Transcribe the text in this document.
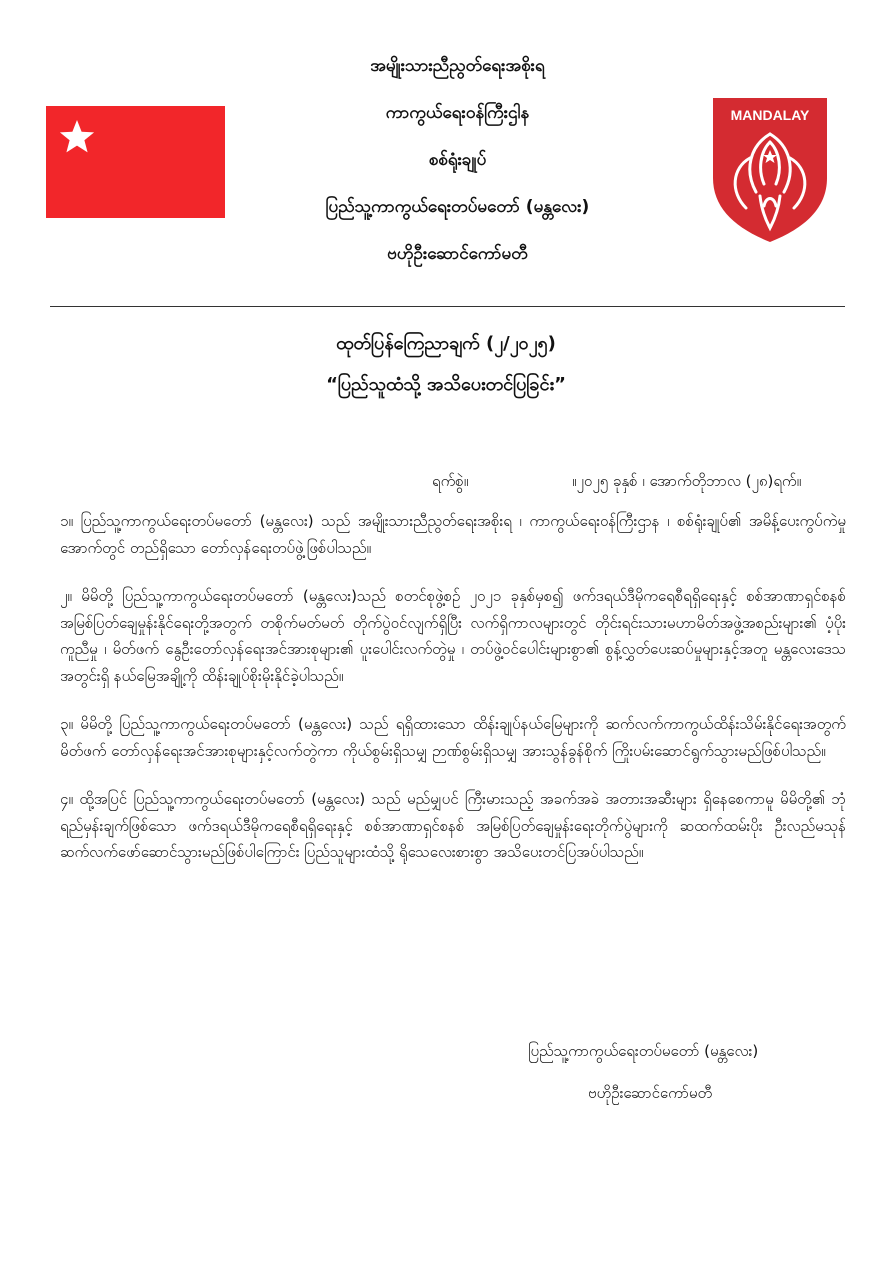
အမျိုးသားညီညွတ်ရေးအစိုးရ
ကာကွယ်ရေးဝန်ကြီးဌါန
စစ်ရုံးချုပ်
ပြည်သူ့ကာကွယ်ရေးတပ်မတော် (မန္တလေး)
ဗဟိုဦးဆောင်ကော်မတီ
MANDALAY
ထုတ်ပြန်ကြေညာချက် (၂/၂၀၂၅)
“ပြည်သူထံသို့ အသိပေးတင်ပြခြင်း”
ရက်စွဲ။	။၂၀၂၅ ခုနှစ် ၊ အောက်တိုဘာလ (၂၈)ရက်။

၁။ ပြည်သူ့ကာကွယ်ရေးတပ်မတော် (မန္တလေး) သည် အမျိုးသားညီညွတ်ရေးအစိုးရ ၊ ကာကွယ်ရေးဝန်ကြီးဌာန ၊ စစ်ရုံးချုပ်၏ အမိန့်ပေးကွပ်ကဲမှုအောက်တွင် တည်ရှိသော တော်လှန်ရေးတပ်ဖွဲ့ဖြစ်ပါသည်။

၂။ မိမိတို့ ပြည်သူ့ကာကွယ်ရေးတပ်မတော် (မန္တလေး)သည် စတင်စုဖွဲ့စဉ် ၂၀၂၁ ခုနှစ်မှစ၍ ဖက်ဒရယ်ဒီမိုကရေစီရရှိရေးနှင့် စစ်အာဏာရှင်စနစ် အမြစ်ပြတ်ချေမှုန်းနိုင်ရေးတို့အတွက် တစိုက်မတ်မတ် တိုက်ပွဲဝင်လျက်ရှိပြီး လက်ရှိကာလများတွင် တိုင်းရင်းသားမဟာမိတ်အဖွဲ့အစည်းများ၏ ပံ့ပိုးကူညီမှု ၊ မိတ်ဖက် နွေဦးတော်လှန်ရေးအင်အားစုများ၏ ပူးပေါင်းလက်တွဲမှု ၊ တပ်ဖွဲ့ဝင်ပေါင်းများစွာ၏ စွန့်လွှတ်ပေးဆပ်မှုများနှင့်အတူ မန္တလေးဒေသအတွင်းရှိ နယ်မြေအချို့ကို ထိန်းချုပ်စိုးမိုးနိုင်ခဲ့ပါသည်။

၃။ မိမိတို့ ပြည်သူ့ကာကွယ်ရေးတပ်မတော် (မန္တလေး) သည် ရရှိထားသော ထိန်းချုပ်နယ်မြေများကို ဆက်လက်ကာကွယ်ထိန်းသိမ်းနိုင်ရေးအတွက် မိတ်ဖက် တော်လှန်ရေးအင်အားစုများနှင့်လက်တွဲကာ ကိုယ်စွမ်းရှိသမျှ ဉာဏ်စွမ်းရှိသမျှ အားသွန်ခွန်စိုက် ကြိုးပမ်းဆောင်ရွက်သွားမည်ဖြစ်ပါသည်။

၄။ ထို့အပြင် ပြည်သူ့ကာကွယ်ရေးတပ်မတော် (မန္တလေး) သည် မည်မျှပင် ကြီးမားသည့် အခက်အခဲ အတားအဆီးများ ရှိနေစေကာမူ မိမိတို့၏ ဘုံရည်မှန်းချက်ဖြစ်သော ဖက်ဒရယ်ဒီမိုကရေစီရရှိရေးနှင့် စစ်အာဏာရှင်စနစ် အမြစ်ပြတ်ချေမှုန်းရေးတိုက်ပွဲများကို ဆထက်ထမ်းပိုး ဦးလည်မသုန် ဆက်လက်ဖော်ဆောင်သွားမည်ဖြစ်ပါကြောင်း ပြည်သူများထံသို့ ရိုသေလေးစားစွာ အသိပေးတင်ပြအပ်ပါသည်။

ပြည်သူ့ကာကွယ်ရေးတပ်မတော် (မန္တလေး)
ဗဟိုဦးဆောင်ကော်မတီ
